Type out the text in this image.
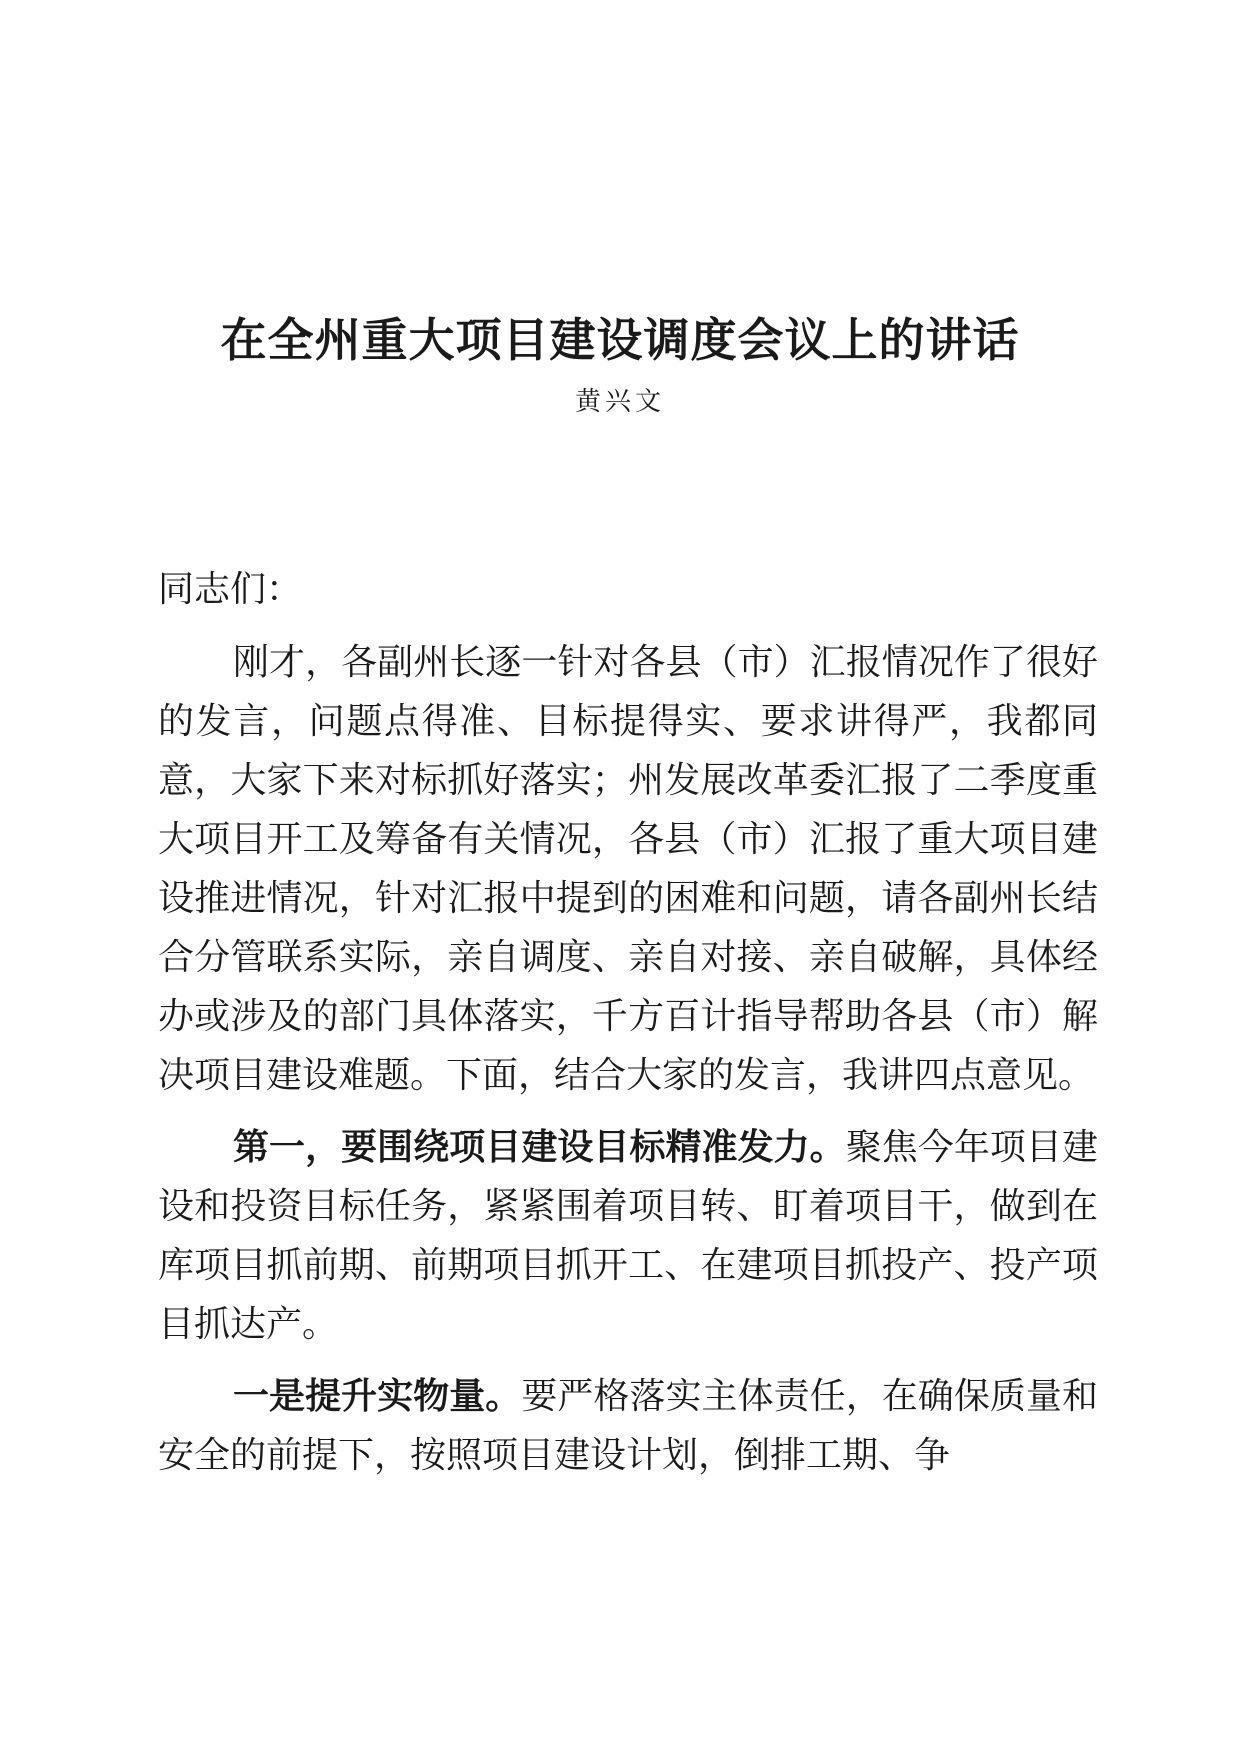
在全州重大项目建设调度会议上的讲话
黄兴文
同志们：

刚才，各副州长逐一针对各县（市）汇报情况作了很好的发言，问题点得准、目标提得实、要求讲得严，我都同意，大家下来对标抓好落实；州发展改革委汇报了二季度重大项目开工及筹备有关情况，各县（市）汇报了重大项目建设推进情况，针对汇报中提到的困难和问题，请各副州长结合分管联系实际，亲自调度、亲自对接、亲自破解，具体经办或涉及的部门具体落实，千方百计指导帮助各县（市）解决项目建设难题。下面，结合大家的发言，我讲四点意见。

第一，要围绕项目建设目标精准发力。聚焦今年项目建设和投资目标任务，紧紧围着项目转、盯着项目干，做到在库项目抓前期、前期项目抓开工、在建项目抓投产、投产项目抓达产。

一是提升实物量。要严格落实主体责任，在确保质量和安全的前提下，按照项目建设计划，倒排工期、争
